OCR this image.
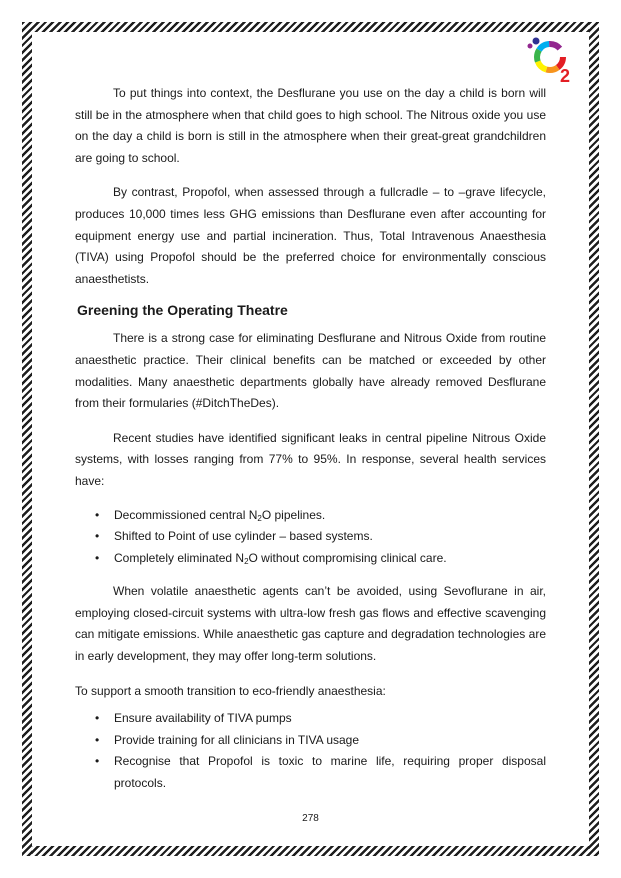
2

To put things into context, the Desflurane you use on the day a child is born will still be in the atmosphere when that child goes to high school. The Nitrous oxide you use on the day a child is born is still in the atmosphere when their great-great grandchildren are going to school.

By contrast, Propofol, when assessed through a fullcradle – to –grave lifecycle, produces 10,000 times less GHG emissions than Desflurane even after accounting for equipment energy use and partial incineration. Thus, Total Intravenous Anaesthesia (TIVA) using Propofol should be the preferred choice for environmentally conscious anaesthetists.

Greening the Operating Theatre

There is a strong case for eliminating Desflurane and Nitrous Oxide from routine anaesthetic practice. Their clinical benefits can be matched or exceeded by other modalities. Many anaesthetic departments globally have already removed Desflurane from their formularies (#DitchTheDes).

Recent studies have identified significant leaks in central pipeline Nitrous Oxide systems, with losses ranging from 77% to 95%. In response, several health services have:

• Decommissioned central $N_2O$ pipelines.
• Shifted to Point of use cylinder – based systems.
• Completely eliminated $N_2O$ without compromising clinical care.

When volatile anaesthetic agents can’t be avoided, using Sevoflurane in air, employing closed-circuit systems with ultra-low fresh gas flows and effective scavenging can mitigate emissions. While anaesthetic gas capture and degradation technologies are in early development, they may offer long-term solutions.

To support a smooth transition to eco-friendly anaesthesia:

• Ensure availability of TIVA pumps
• Provide training for all clinicians in TIVA usage
• Recognise that Propofol is toxic to marine life, requiring proper disposal protocols.
278
